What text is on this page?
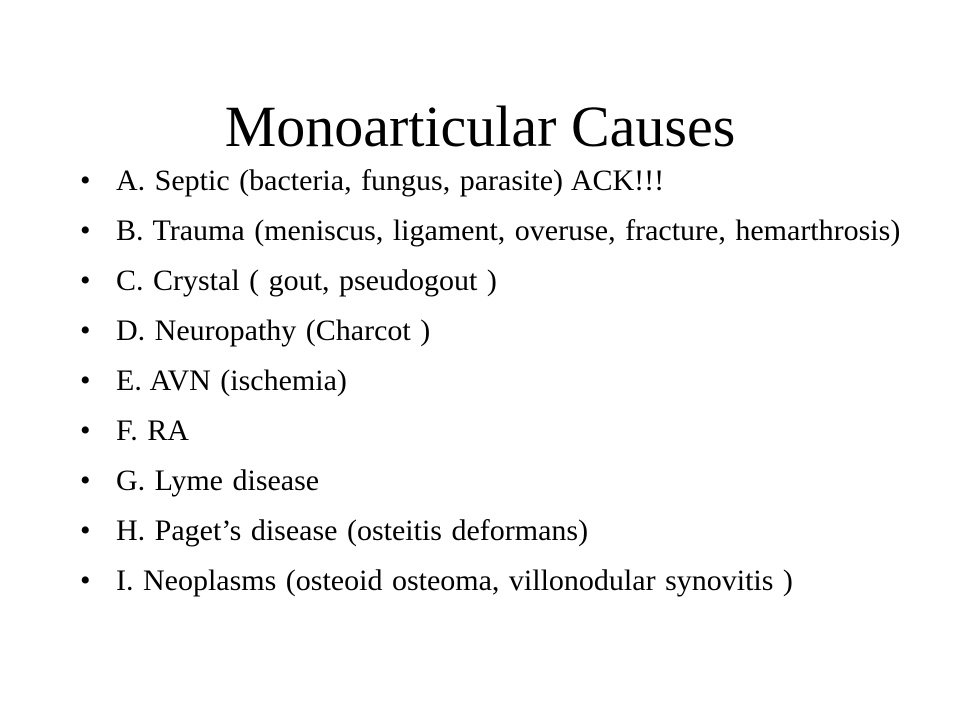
Monoarticular Causes
• A. Septic (bacteria, fungus, parasite) ACK!!!
• B. Trauma (meniscus, ligament, overuse, fracture, hemarthrosis)
• C. Crystal ( gout, pseudogout )
• D. Neuropathy (Charcot )
• E. AVN (ischemia)
• F. RA
• G. Lyme disease
• H. Paget’s disease (osteitis deformans)
• I. Neoplasms (osteoid osteoma, villonodular synovitis )
